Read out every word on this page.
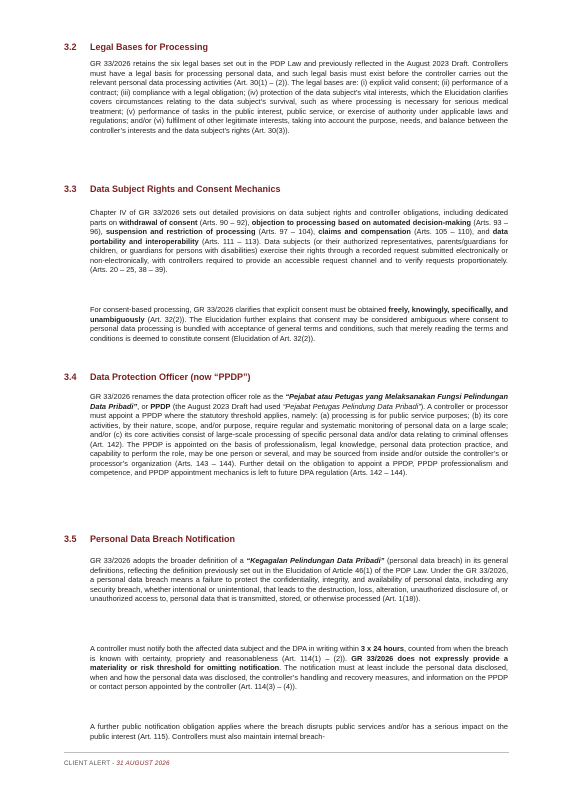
3.2 Legal Bases for Processing

GR 33/2026 retains the six legal bases set out in the PDP Law and previously reflected in the August 2023 Draft. Controllers must have a legal basis for processing personal data, and such legal basis must exist before the controller carries out the relevant personal data processing activities (Art. 30(1) – (2)). The legal bases are: (i) explicit valid consent; (ii) performance of a contract; (iii) compliance with a legal obligation; (iv) protection of the data subject’s vital interests, which the Elucidation clarifies covers circumstances relating to the data subject’s survival, such as where processing is necessary for serious medical treatment; (v) performance of tasks in the public interest, public service, or exercise of authority under applicable laws and regulations; and/or (vi) fulfilment of other legitimate interests, taking into account the purpose, needs, and balance between the controller’s interests and the data subject’s rights (Art. 30(3)).

3.3 Data Subject Rights and Consent Mechanics

Chapter IV of GR 33/2026 sets out detailed provisions on data subject rights and controller obligations, including dedicated parts on withdrawal of consent (Arts. 90 – 92), objection to processing based on automated decision-making (Arts. 93 – 96), suspension and restriction of processing (Arts. 97 – 104), claims and compensation (Arts. 105 – 110), and data portability and interoperability (Arts. 111 – 113). Data subjects (or their authorized representatives, parents/guardians for children, or guardians for persons with disabilities) exercise their rights through a recorded request submitted electronically or non-electronically, with controllers required to provide an accessible request channel and to verify requests proportionately. (Arts. 20 – 25, 38 – 39).

For consent-based processing, GR 33/2026 clarifies that explicit consent must be obtained freely, knowingly, specifically, and unambiguously (Art. 32(2)). The Elucidation further explains that consent may be considered ambiguous where consent to personal data processing is bundled with acceptance of general terms and conditions, such that merely reading the terms and conditions is deemed to constitute consent (Elucidation of Art. 32(2)).

3.4 Data Protection Officer (now “PPDP”)

GR 33/2026 renames the data protection officer role as the “Pejabat atau Petugas yang Melaksanakan Fungsi Pelindungan Data Pribadi”, or PPDP (the August 2023 Draft had used “Pejabat Petugas Pelindung Data Pribadi”). A controller or processor must appoint a PPDP where the statutory threshold applies, namely: (a) processing is for public service purposes; (b) its core activities, by their nature, scope, and/or purpose, require regular and systematic monitoring of personal data on a large scale; and/or (c) its core activities consist of large-scale processing of specific personal data and/or data relating to criminal offenses (Art. 142). The PPDP is appointed on the basis of professionalism, legal knowledge, personal data protection practice, and capability to perform the role, may be one person or several, and may be sourced from inside and/or outside the controller’s or processor’s organization (Arts. 143 – 144). Further detail on the obligation to appoint a PPDP, PPDP professionalism and competence, and PPDP appointment mechanics is left to future DPA regulation (Arts. 142 – 144).

3.5 Personal Data Breach Notification

GR 33/2026 adopts the broader definition of a “Kegagalan Pelindungan Data Pribadi” (personal data breach) in its general definitions, reflecting the definition previously set out in the Elucidation of Article 46(1) of the PDP Law. Under the GR 33/2026, a personal data breach means a failure to protect the confidentiality, integrity, and availability of personal data, including any security breach, whether intentional or unintentional, that leads to the destruction, loss, alteration, unauthorized disclosure of, or unauthorized access to, personal data that is transmitted, stored, or otherwise processed (Art. 1(18)).

A controller must notify both the affected data subject and the DPA in writing within 3 x 24 hours, counted from when the breach is known with certainty, propriety and reasonableness (Art. 114(1) – (2)). GR 33/2026 does not expressly provide a materiality or risk threshold for omitting notification. The notification must at least include the personal data disclosed, when and how the personal data was disclosed, the controller’s handling and recovery measures, and information on the PPDP or contact person appointed by the controller (Art. 114(3) – (4)).

A further public notification obligation applies where the breach disrupts public services and/or has a serious impact on the public interest (Art. 115). Controllers must also maintain internal breach-

CLIENT ALERT - 31 AUGUST 2026
